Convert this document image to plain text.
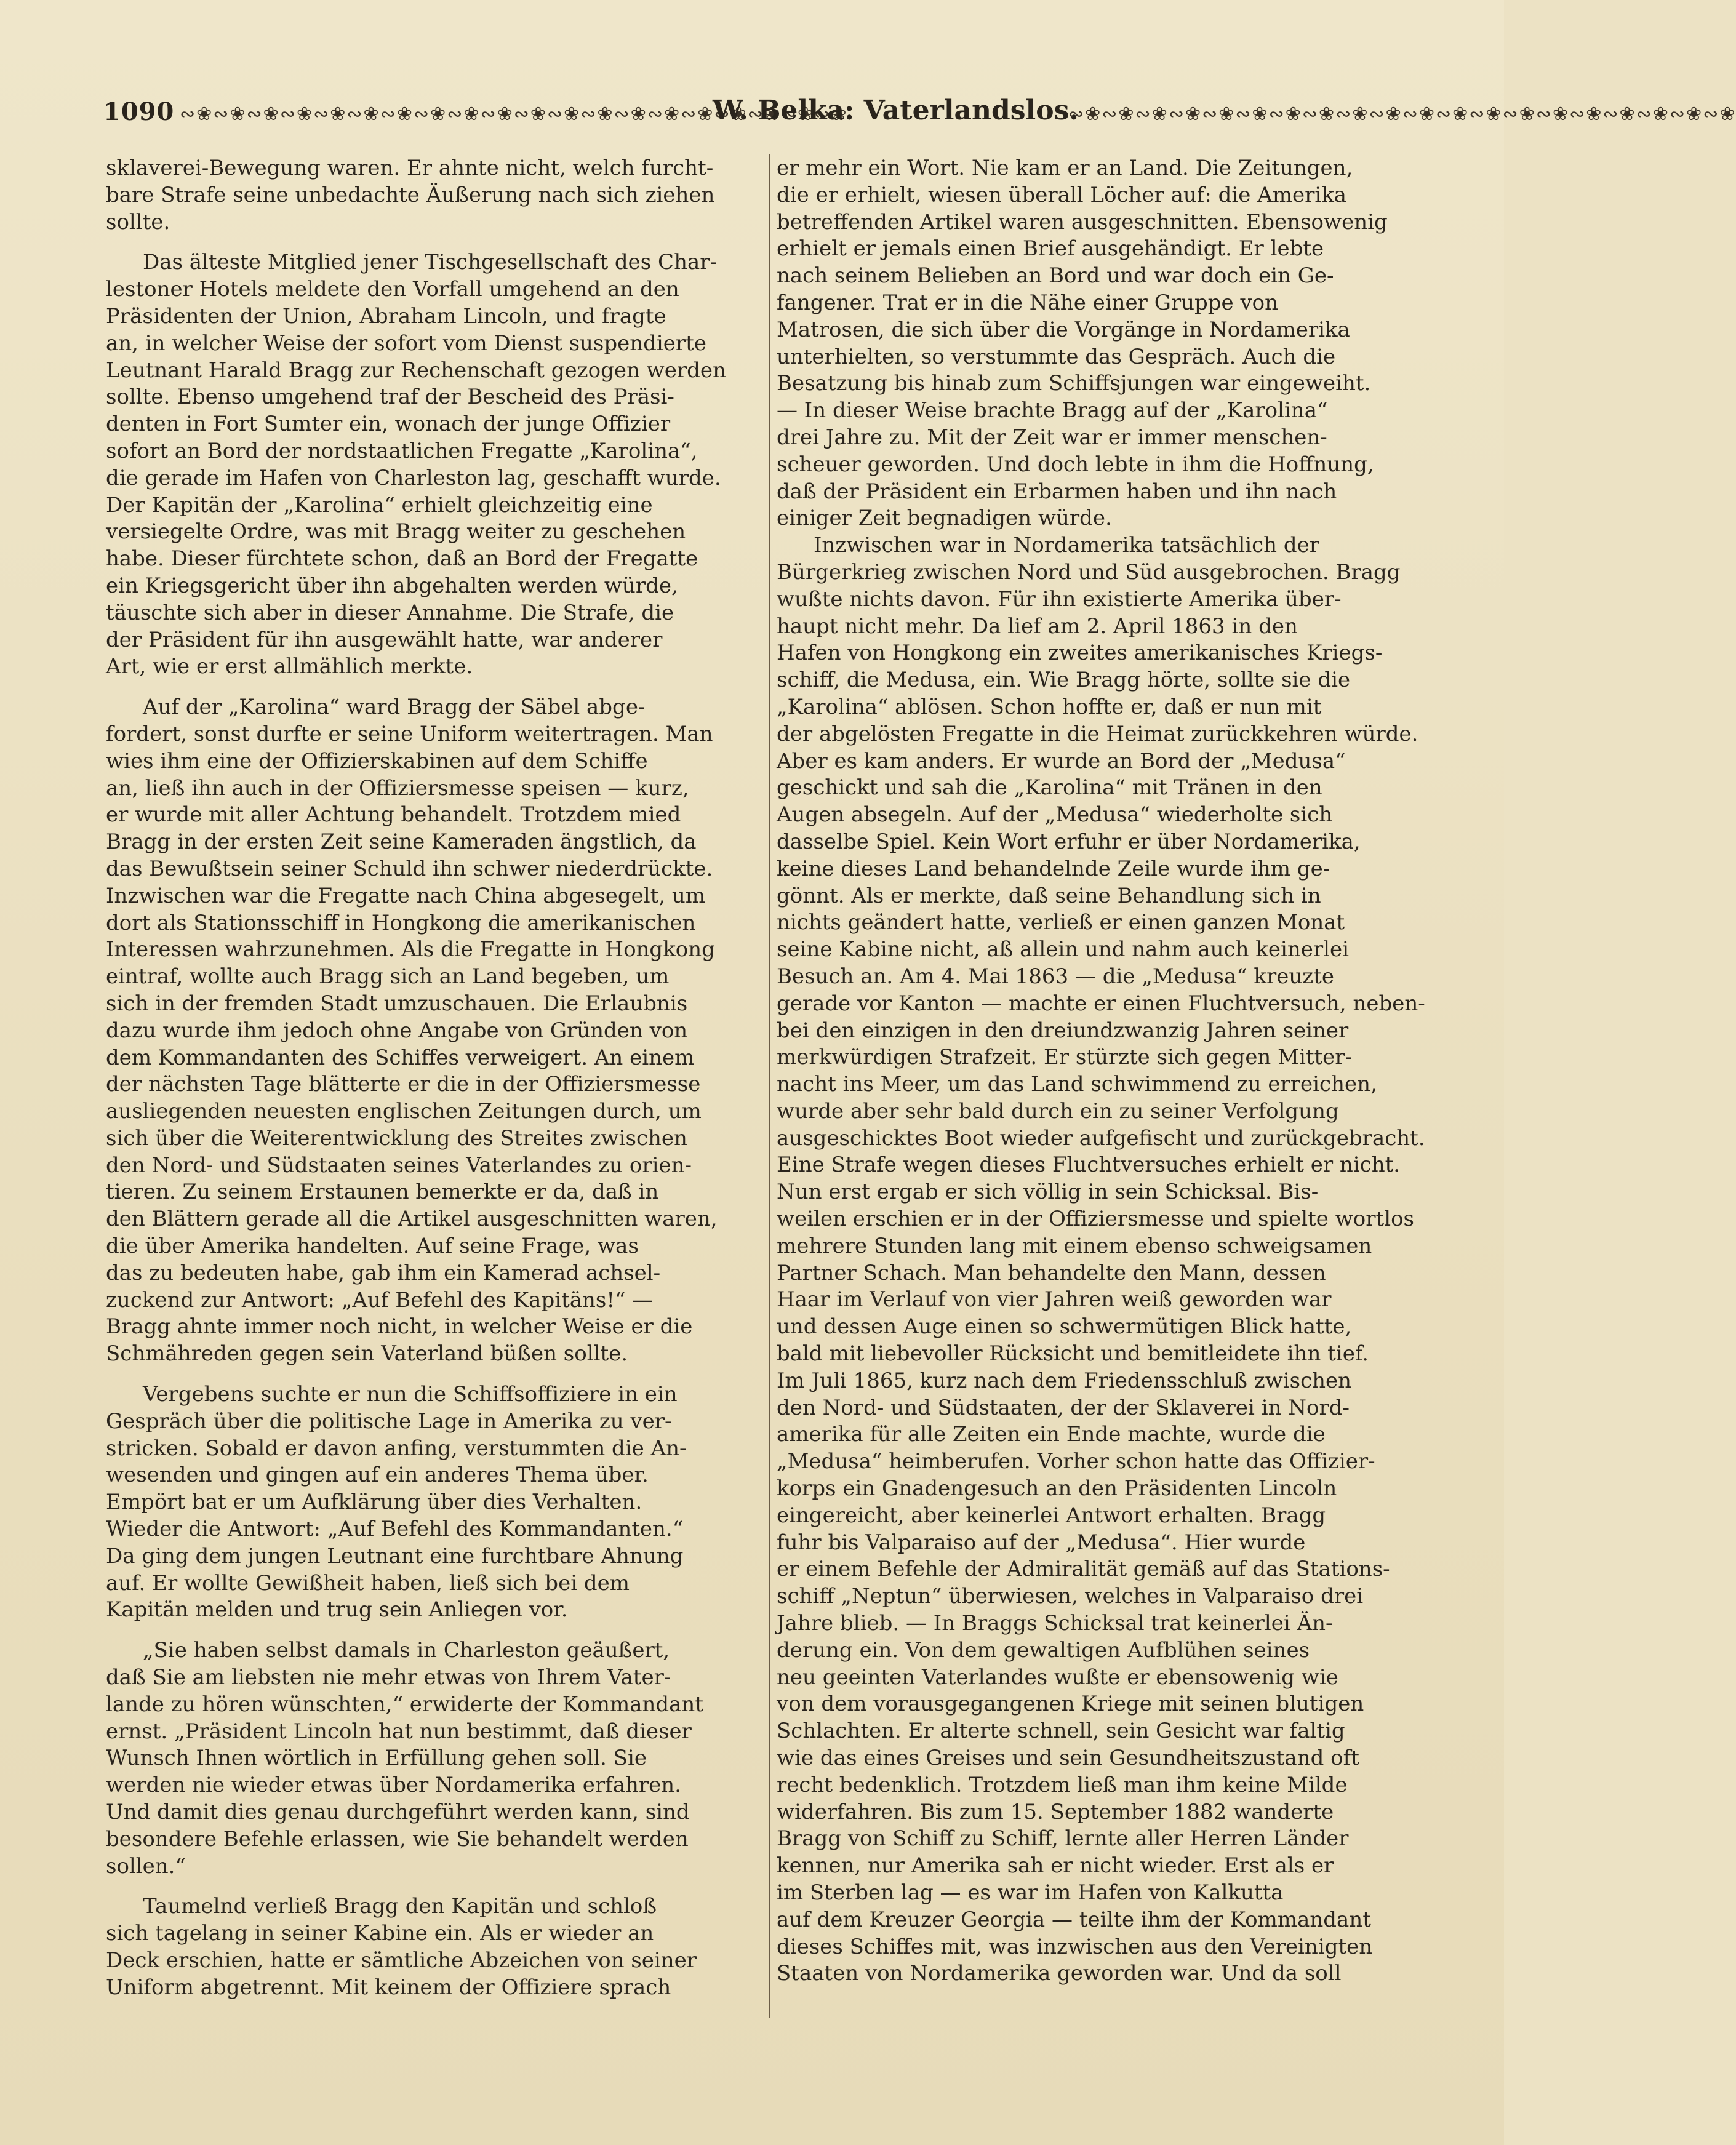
1090 ∾❀∾❀∾❀∾❀∾❀∾❀∾❀∾❀∾❀∾❀∾❀∾❀∾❀∾❀∾❀∾❀∾❀∾❀∾❀∾❀
W. Belka: Vaterlandslos.
∾❀∾❀∾❀∾❀∾❀∾❀∾❀∾❀∾❀∾❀∾❀∾❀∾❀∾❀∾❀∾❀∾❀∾❀∾❀∾❀
sklaverei-Bewegung waren. Er ahnte nicht, welch furcht-
bare Strafe seine unbedachte Äußerung nach sich ziehen
sollte.
Das älteste Mitglied jener Tischgesellschaft des Char-
lestoner Hotels meldete den Vorfall umgehend an den
Präsidenten der Union, Abraham Lincoln, und fragte
an, in welcher Weise der sofort vom Dienst suspendierte
Leutnant Harald Bragg zur Rechenschaft gezogen werden
sollte. Ebenso umgehend traf der Bescheid des Präsi-
denten in Fort Sumter ein, wonach der junge Offizier
sofort an Bord der nordstaatlichen Fregatte „Karolina“,
die gerade im Hafen von Charleston lag, geschafft wurde.
Der Kapitän der „Karolina“ erhielt gleichzeitig eine
versiegelte Ordre, was mit Bragg weiter zu geschehen
habe. Dieser fürchtete schon, daß an Bord der Fregatte
ein Kriegsgericht über ihn abgehalten werden würde,
täuschte sich aber in dieser Annahme. Die Strafe, die
der Präsident für ihn ausgewählt hatte, war anderer
Art, wie er erst allmählich merkte.
Auf der „Karolina“ ward Bragg der Säbel abge-
fordert, sonst durfte er seine Uniform weitertragen. Man
wies ihm eine der Offizierskabinen auf dem Schiffe
an, ließ ihn auch in der Offiziersmesse speisen — kurz,
er wurde mit aller Achtung behandelt. Trotzdem mied
Bragg in der ersten Zeit seine Kameraden ängstlich, da
das Bewußtsein seiner Schuld ihn schwer niederdrückte.
Inzwischen war die Fregatte nach China abgesegelt, um
dort als Stationsschiff in Hongkong die amerikanischen
Interessen wahrzunehmen. Als die Fregatte in Hongkong
eintraf, wollte auch Bragg sich an Land begeben, um
sich in der fremden Stadt umzuschauen. Die Erlaubnis
dazu wurde ihm jedoch ohne Angabe von Gründen von
dem Kommandanten des Schiffes verweigert. An einem
der nächsten Tage blätterte er die in der Offiziersmesse
ausliegenden neuesten englischen Zeitungen durch, um
sich über die Weiterentwicklung des Streites zwischen
den Nord- und Südstaaten seines Vaterlandes zu orien-
tieren. Zu seinem Erstaunen bemerkte er da, daß in
den Blättern gerade all die Artikel ausgeschnitten waren,
die über Amerika handelten. Auf seine Frage, was
das zu bedeuten habe, gab ihm ein Kamerad achsel-
zuckend zur Antwort: „Auf Befehl des Kapitäns!“ —
Bragg ahnte immer noch nicht, in welcher Weise er die
Schmähreden gegen sein Vaterland büßen sollte.
Vergebens suchte er nun die Schiffsoffiziere in ein
Gespräch über die politische Lage in Amerika zu ver-
stricken. Sobald er davon anfing, verstummten die An-
wesenden und gingen auf ein anderes Thema über.
Empört bat er um Aufklärung über dies Verhalten.
Wieder die Antwort: „Auf Befehl des Kommandanten.“
Da ging dem jungen Leutnant eine furchtbare Ahnung
auf. Er wollte Gewißheit haben, ließ sich bei dem
Kapitän melden und trug sein Anliegen vor.
„Sie haben selbst damals in Charleston geäußert,
daß Sie am liebsten nie mehr etwas von Ihrem Vater-
lande zu hören wünschten,“ erwiderte der Kommandant
ernst. „Präsident Lincoln hat nun bestimmt, daß dieser
Wunsch Ihnen wörtlich in Erfüllung gehen soll. Sie
werden nie wieder etwas über Nordamerika erfahren.
Und damit dies genau durchgeführt werden kann, sind
besondere Befehle erlassen, wie Sie behandelt werden
sollen.“
Taumelnd verließ Bragg den Kapitän und schloß
sich tagelang in seiner Kabine ein. Als er wieder an
Deck erschien, hatte er sämtliche Abzeichen von seiner
Uniform abgetrennt. Mit keinem der Offiziere sprach
er mehr ein Wort. Nie kam er an Land. Die Zeitungen,
die er erhielt, wiesen überall Löcher auf: die Amerika
betreffenden Artikel waren ausgeschnitten. Ebensowenig
erhielt er jemals einen Brief ausgehändigt. Er lebte
nach seinem Belieben an Bord und war doch ein Ge-
fangener. Trat er in die Nähe einer Gruppe von
Matrosen, die sich über die Vorgänge in Nordamerika
unterhielten, so verstummte das Gespräch. Auch die
Besatzung bis hinab zum Schiffsjungen war eingeweiht.
— In dieser Weise brachte Bragg auf der „Karolina“
drei Jahre zu. Mit der Zeit war er immer menschen-
scheuer geworden. Und doch lebte in ihm die Hoffnung,
daß der Präsident ein Erbarmen haben und ihn nach
einiger Zeit begnadigen würde.
Inzwischen war in Nordamerika tatsächlich der
Bürgerkrieg zwischen Nord und Süd ausgebrochen. Bragg
wußte nichts davon. Für ihn existierte Amerika über-
haupt nicht mehr. Da lief am 2. April 1863 in den
Hafen von Hongkong ein zweites amerikanisches Kriegs-
schiff, die Medusa, ein. Wie Bragg hörte, sollte sie die
„Karolina“ ablösen. Schon hoffte er, daß er nun mit
der abgelösten Fregatte in die Heimat zurückkehren würde.
Aber es kam anders. Er wurde an Bord der „Medusa“
geschickt und sah die „Karolina“ mit Tränen in den
Augen absegeln. Auf der „Medusa“ wiederholte sich
dasselbe Spiel. Kein Wort erfuhr er über Nordamerika,
keine dieses Land behandelnde Zeile wurde ihm ge-
gönnt. Als er merkte, daß seine Behandlung sich in
nichts geändert hatte, verließ er einen ganzen Monat
seine Kabine nicht, aß allein und nahm auch keinerlei
Besuch an. Am 4. Mai 1863 — die „Medusa“ kreuzte
gerade vor Kanton — machte er einen Fluchtversuch, neben-
bei den einzigen in den dreiundzwanzig Jahren seiner
merkwürdigen Strafzeit. Er stürzte sich gegen Mitter-
nacht ins Meer, um das Land schwimmend zu erreichen,
wurde aber sehr bald durch ein zu seiner Verfolgung
ausgeschicktes Boot wieder aufgefischt und zurückgebracht.
Eine Strafe wegen dieses Fluchtversuches erhielt er nicht.
Nun erst ergab er sich völlig in sein Schicksal. Bis-
weilen erschien er in der Offiziersmesse und spielte wortlos
mehrere Stunden lang mit einem ebenso schweigsamen
Partner Schach. Man behandelte den Mann, dessen
Haar im Verlauf von vier Jahren weiß geworden war
und dessen Auge einen so schwermütigen Blick hatte,
bald mit liebevoller Rücksicht und bemitleidete ihn tief.
Im Juli 1865, kurz nach dem Friedensschluß zwischen
den Nord- und Südstaaten, der der Sklaverei in Nord-
amerika für alle Zeiten ein Ende machte, wurde die
„Medusa“ heimberufen. Vorher schon hatte das Offizier-
korps ein Gnadengesuch an den Präsidenten Lincoln
eingereicht, aber keinerlei Antwort erhalten. Bragg
fuhr bis Valparaiso auf der „Medusa“. Hier wurde
er einem Befehle der Admiralität gemäß auf das Stations-
schiff „Neptun“ überwiesen, welches in Valparaiso drei
Jahre blieb. — In Braggs Schicksal trat keinerlei Än-
derung ein. Von dem gewaltigen Aufblühen seines
neu geeinten Vaterlandes wußte er ebensowenig wie
von dem vorausgegangenen Kriege mit seinen blutigen
Schlachten. Er alterte schnell, sein Gesicht war faltig
wie das eines Greises und sein Gesundheitszustand oft
recht bedenklich. Trotzdem ließ man ihm keine Milde
widerfahren. Bis zum 15. September 1882 wanderte
Bragg von Schiff zu Schiff, lernte aller Herren Länder
kennen, nur Amerika sah er nicht wieder. Erst als er
im Sterben lag — es war im Hafen von Kalkutta
auf dem Kreuzer Georgia — teilte ihm der Kommandant
dieses Schiffes mit, was inzwischen aus den Vereinigten
Staaten von Nordamerika geworden war. Und da soll
